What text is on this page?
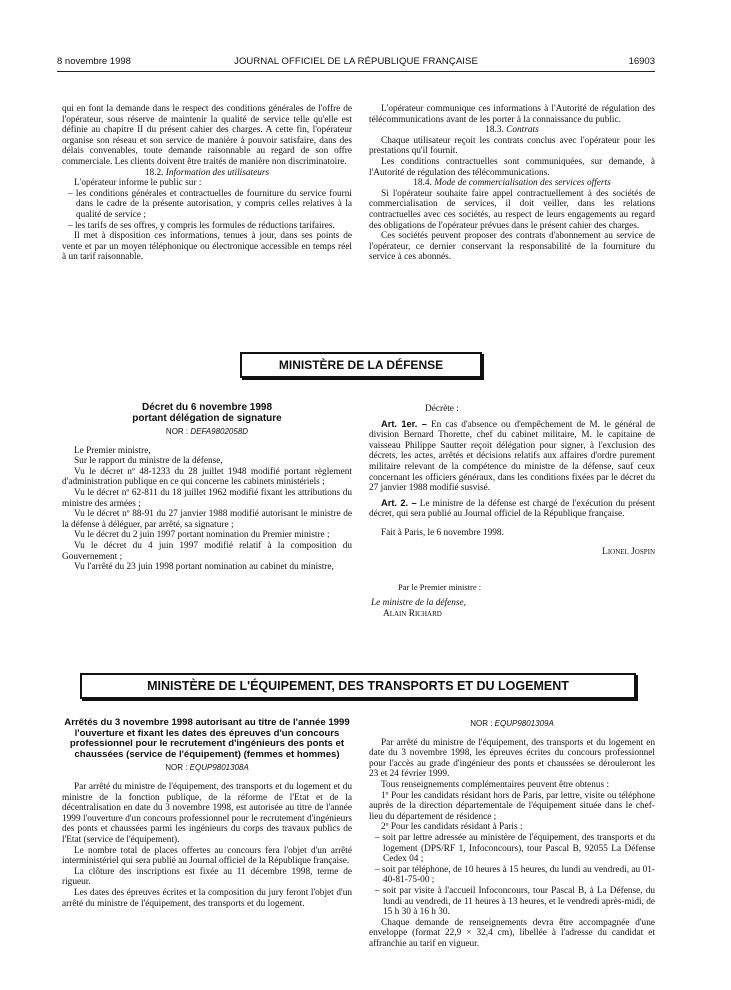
8 novembre 1998	JOURNAL OFFICIEL DE LA RÉPUBLIQUE FRANÇAISE	16903

qui en font la demande dans le respect des conditions générales de l'offre de l'opérateur, sous réserve de maintenir la qualité de service telle qu'elle est définie au chapitre II du présent cahier des charges. A cette fin, l'opérateur organise son réseau et son service de manière à pouvoir satisfaire, dans des délais convenables, toute demande raisonnable au regard de son offre commerciale. Les clients doivent être traités de manière non discriminatoire.

18.2. Information des utilisateurs

L'opérateur informe le public sur :

– les conditions générales et contractuelles de fourniture du service fourni dans le cadre de la présente autorisation, y compris celles relatives à la qualité de service ;

– les tarifs de ses offres, y compris les formules de réductions tarifaires.

Il met à disposition ces informations, tenues à jour, dans ses points de vente et par un moyen téléphonique ou électronique accessible en temps réel à un tarif raisonnable.

L'opérateur communique ces informations à l'Autorité de régulation des télécommunications avant de les porter à la connaissance du public.

18.3. Contrats

Chaque utilisateur reçoit les contrats conclus avec l'opérateur pour les prestations qu'il fournit.

Les conditions contractuelles sont communiquées, sur demande, à l'Autorité de régulation des télécommunications.

18.4. Mode de commercialisation des services offerts

Si l'opérateur souhaite faire appel contractuellement à des sociétés de commercialisation de services, il doit veiller, dans les relations contractuelles avec ces sociétés, au respect de leurs engagements au regard des obligations de l'opérateur prévues dans le présent cahier des charges.

Ces sociétés peuvent proposer des contrats d'abonnement au service de l'opérateur, ce dernier conservant la responsabilité de la fourniture du service à ces abonnés.

MINISTÈRE DE LA DÉFENSE
Décret du 6 novembre 1998
portant délégation de signature
NOR : DEFA9802058D

Le Premier ministre,

Sur le rapport du ministre de la défense,

Vu le décret nº 48-1233 du 28 juillet 1948 modifié portant règlement d'administration publique en ce qui concerne les cabinets ministériels ;

Vu le décret nº 62-811 du 18 juillet 1962 modifié fixant les attributions du ministre des armées ;

Vu le décret nº 88-91 du 27 janvier 1988 modifié autorisant le ministre de la défense à déléguer, par arrêté, sa signature ;

Vu le décret du 2 juin 1997 portant nomination du Premier ministre ;

Vu le décret du 4 juin 1997 modifié relatif à la composition du Gouvernement ;

Vu l'arrêté du 23 juin 1998 portant nomination au cabinet du ministre,

Décrète :

Art. 1er. – En cas d'absence ou d'empêchement de M. le général de division Bernard Thorette, chef du cabinet militaire, M. le capitaine de vaisseau Philippe Sautter reçoit délégation pour signer, à l'exclusion des décrets, les actes, arrêtés et décisions relatifs aux affaires d'ordre purement militaire relevant de la compétence du ministre de la défense, sauf ceux concernant les officiers généraux, dans les conditions fixées par le décret du 27 janvier 1988 modifié susvisé.

Art. 2. – Le ministre de la défense est chargé de l'exécution du présent décret, qui sera publié au Journal officiel de la République française.

Fait à Paris, le 6 novembre 1998.

Lionel Jospin

Par le Premier ministre :

Le ministre de la défense,

Alain Richard

MINISTÈRE DE L'ÉQUIPEMENT, DES TRANSPORTS ET DU LOGEMENT
Arrêtés du 3 novembre 1998 autorisant au titre de l'année 1999 l'ouverture et fixant les dates des épreuves d'un concours professionnel pour le recrutement d'ingénieurs des ponts et chaussées (service de l'équipement) (femmes et hommes)
NOR : EQUP9801308A

Par arrêté du ministre de l'équipement, des transports et du logement et du ministre de la fonction publique, de la réforme de l'Etat et de la décentralisation en date du 3 novembre 1998, est autorisée au titre de l'année 1999 l'ouverture d'un concours professionnel pour le recrutement d'ingénieurs des ponts et chaussées parmi les ingénieurs du corps des travaux publics de l'Etat (service de l'équipement).

Le nombre total de places offertes au concours fera l'objet d'un arrêté interministériel qui sera publié au Journal officiel de la République française.

La clôture des inscriptions est fixée au 11 décembre 1998, terme de rigueur.

Les dates des épreuves écrites et la composition du jury feront l'objet d'un arrêté du ministre de l'équipement, des transports et du logement.

NOR : EQUP9801309A

Par arrêté du ministre de l'équipement, des transports et du logement en date du 3 novembre 1998, les épreuves écrites du concours professionnel pour l'accès au grade d'ingénieur des ponts et chaussées se dérouleront les 23 et 24 février 1999.

Tous renseignements complémentaires peuvent être obtenus :

1º Pour les candidats résidant hors de Paris, par lettre, visite ou téléphone auprès de la direction départementale de l'équipement située dans le chef-lieu du département de résidence ;

2º Pour les candidats résidant à Paris :

– soit par lettre adressée au ministère de l'équipement, des transports et du logement (DPS/RF 1, Infoconcours), tour Pascal B, 92055 La Défense Cedex 04 ;

– soit par téléphone, de 10 heures à 15 heures, du lundi au vendredi, au 01-40-81-75-00 ;

– soit par visite à l'accueil Infoconcours, tour Pascal B, à La Défense, du lundi au vendredi, de 11 heures à 13 heures, et le vendredi après-midi, de 15 h 30 à 16 h 30.

Chaque demande de renseignements devra être accompagnée d'une enveloppe (format 22,9 × 32,4 cm), libellée à l'adresse du candidat et affranchie au tarif en vigueur.
